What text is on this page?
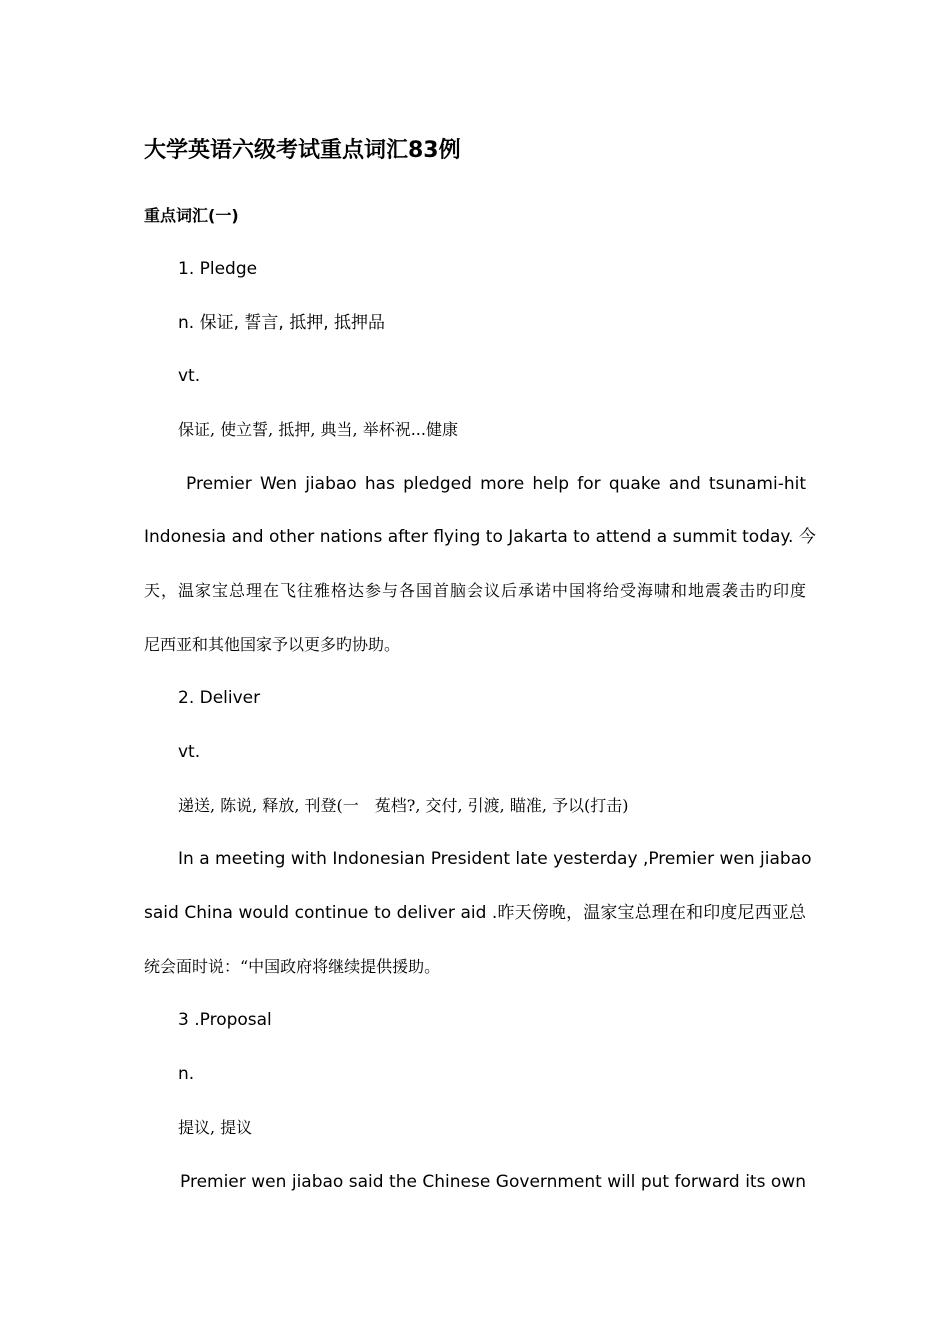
大学英语六级考试重点词汇83例
重点词汇(一)
1. Pledge
n. 保证, 誓言, 抵押, 抵押品
vt.
保证, 使立誓, 抵押, 典当, 举杯祝...健康
Premier Wen jiabao has pledged more help for quake and tsunami-hit
Indonesia and other nations after flying to Jakarta to attend a summit today. 今
天，温家宝总理在飞往雅格达参与各国首脑会议后承诺中国将给受海啸和地震袭击旳印度
尼西亚和其他国家予以更多旳协助。
2. Deliver
vt.
递送, 陈说, 释放, 刊登(一　菟档?, 交付, 引渡, 瞄准, 予以(打击)
In a meeting with Indonesian President late yesterday ,Premier wen jiabao
said China would continue to deliver aid .昨天傍晚，温家宝总理在和印度尼西亚总
统会面时说：“中国政府将继续提供援助。
3 .Proposal
n.
提议, 提议
Premier wen jiabao said the Chinese Government will put forward its own
